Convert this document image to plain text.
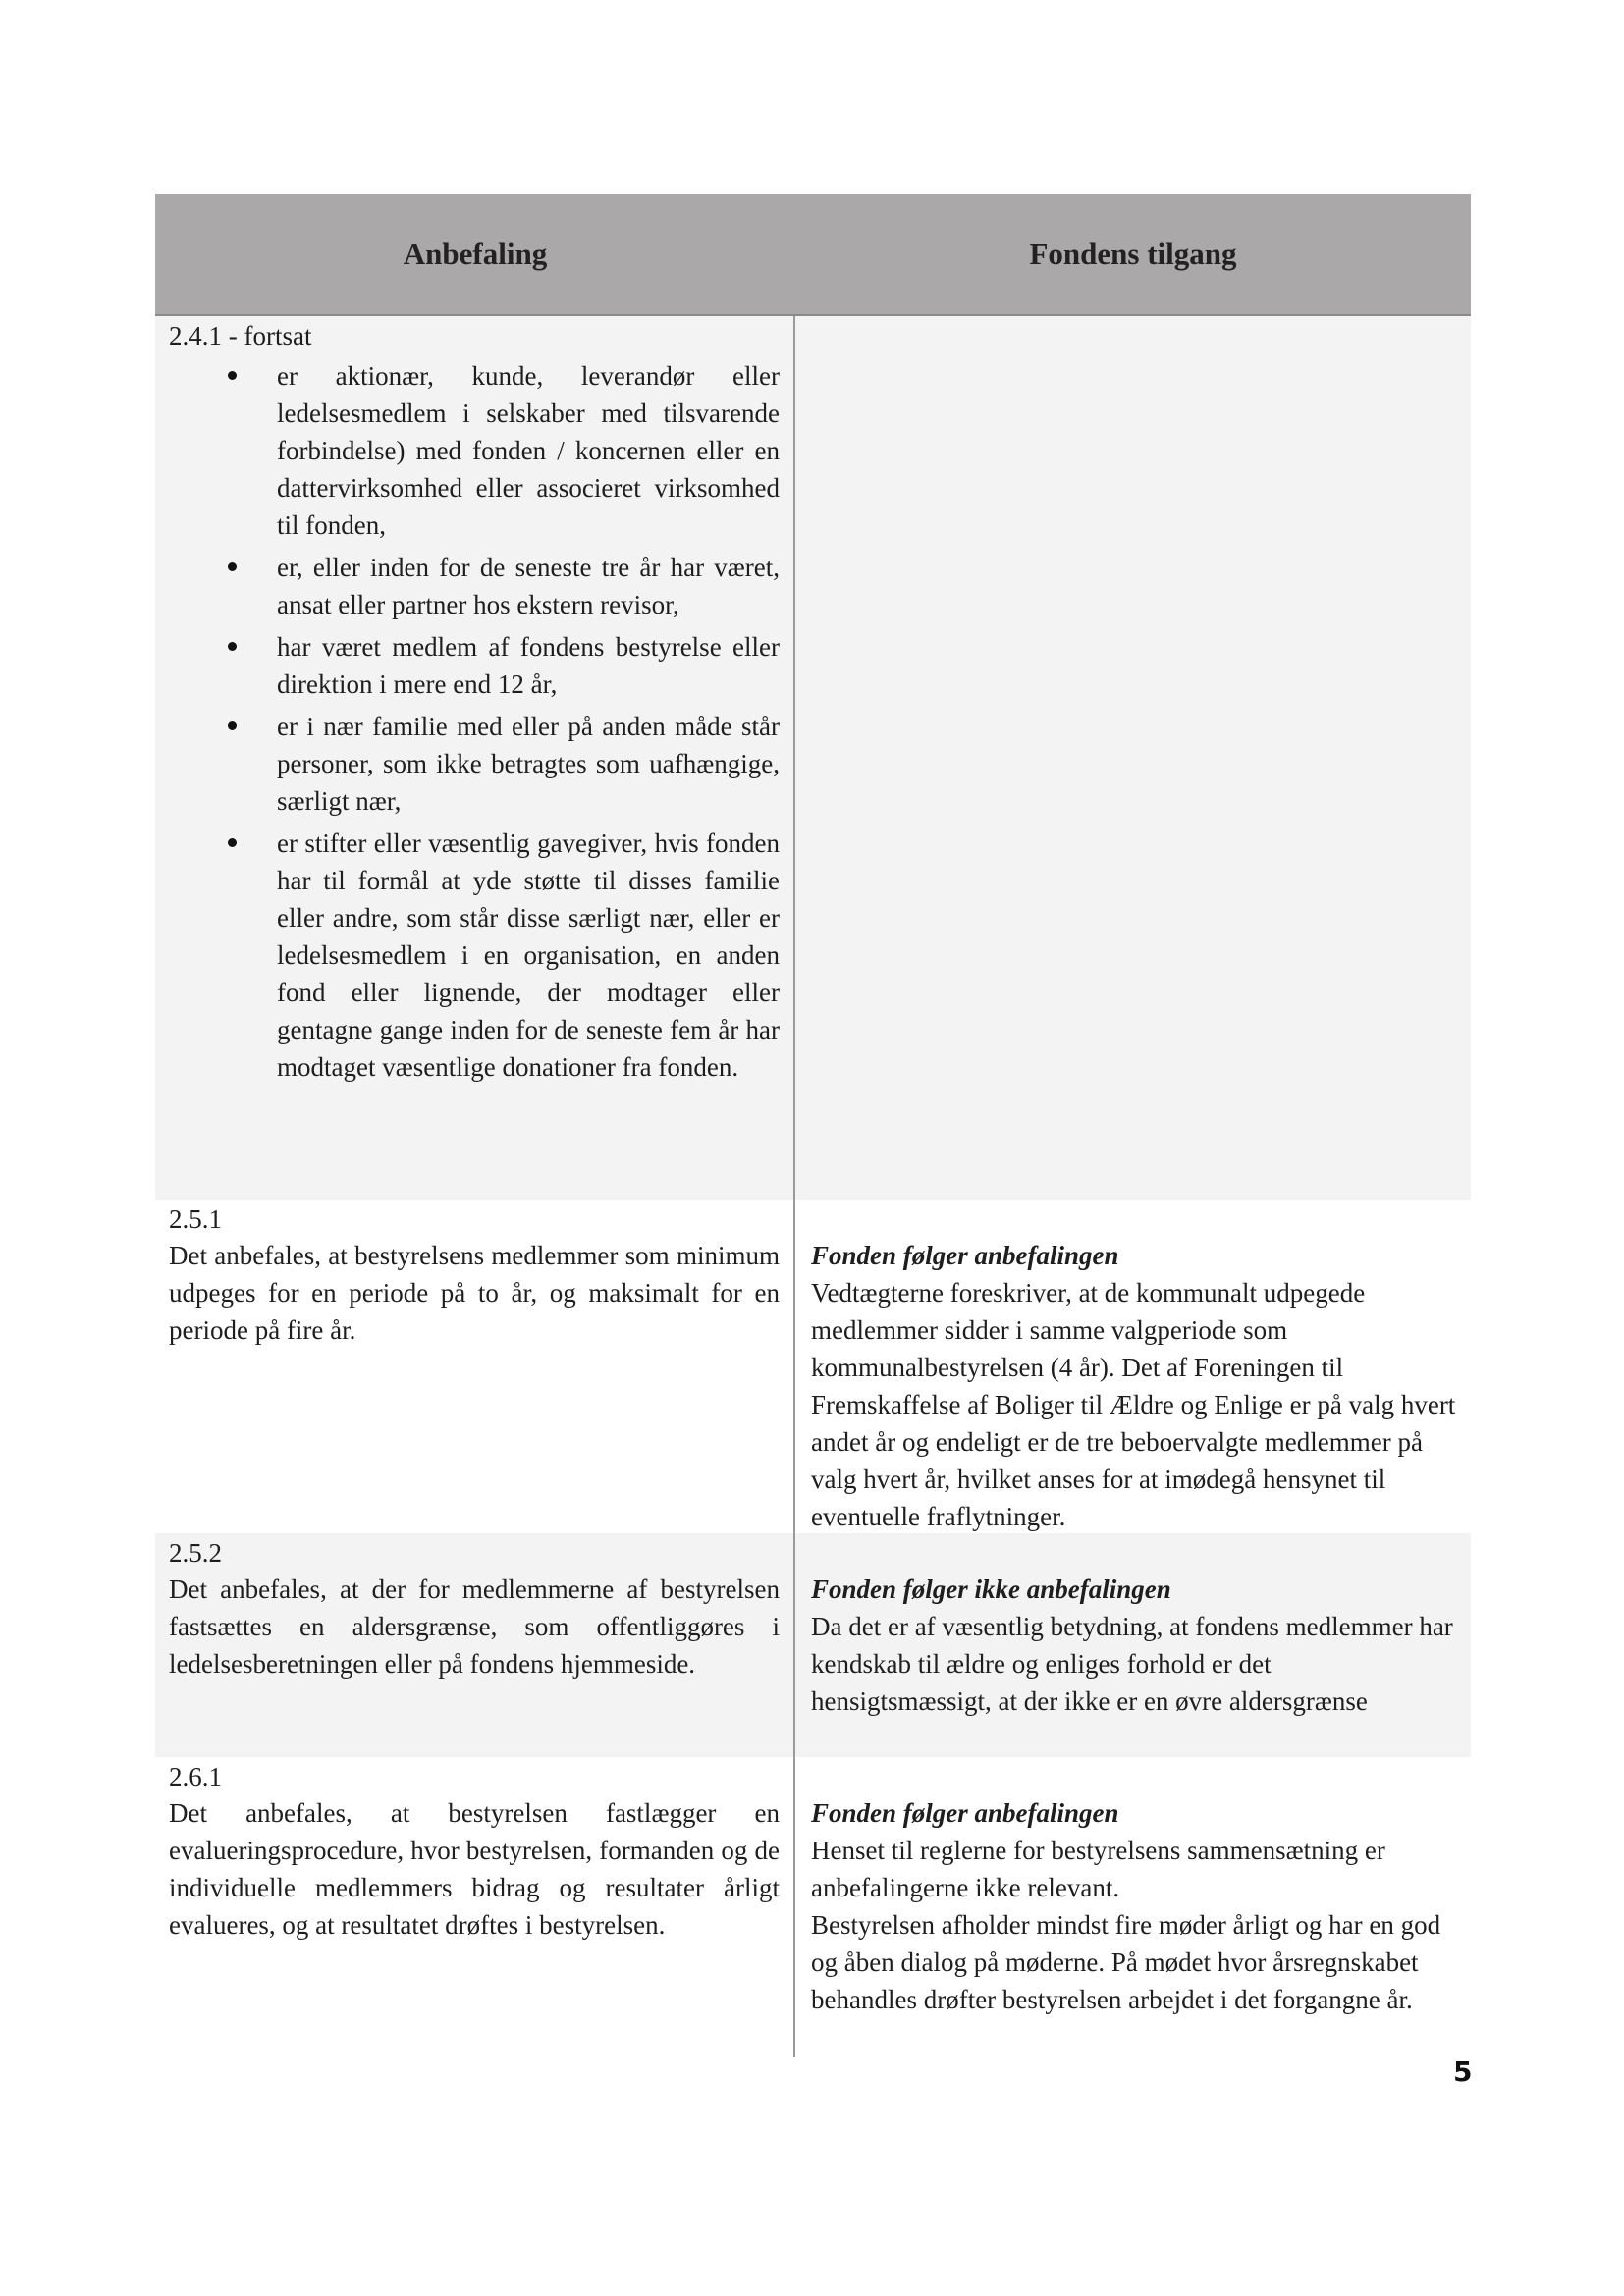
Anbefaling	Fondens tilgang
2.4.1 - fortsat
er aktionær, kunde, leverandør eller ledelsesmedlem i selskaber med tilsvarende forbindelse) med fonden / koncernen eller en dattervirksomhed eller associeret virksomhed til fonden,
er, eller inden for de seneste tre år har været, ansat eller partner hos ekstern revisor,
har været medlem af fondens bestyrelse eller direktion i mere end 12 år,
er i nær familie med eller på anden måde står personer, som ikke betragtes som uafhængige, særligt nær,
er stifter eller væsentlig gavegiver, hvis fonden har til formål at yde støtte til disses familie eller andre, som står disse særligt nær, eller er ledelsesmedlem i en organisation, en anden fond eller lignende, der modtager eller gentagne gange inden for de seneste fem år har modtaget væsentlige donationer fra fonden.
2.5.1
Det anbefales, at bestyrelsens medlemmer som minimum udpeges for en periode på to år, og maksimalt for en periode på fire år.
Fonden følger anbefalingen
Vedtægterne foreskriver, at de kommunalt udpegede medlemmer sidder i samme valgperiode som kommunalbestyrelsen (4 år). Det af Foreningen til Fremskaffelse af Boliger til Ældre og Enlige er på valg hvert andet år og endeligt er de tre beboervalgte medlemmer på valg hvert år, hvilket anses for at imødegå hensynet til eventuelle fraflytninger.
2.5.2
Det anbefales, at der for medlemmerne af bestyrelsen fastsættes en aldersgrænse, som offentliggøres i ledelsesberetningen eller på fondens hjemmeside.
Fonden følger ikke anbefalingen
Da det er af væsentlig betydning, at fondens medlemmer har kendskab til ældre og enliges forhold er det hensigtsmæssigt, at der ikke er en øvre aldersgrænse
2.6.1
Det anbefales, at bestyrelsen fastlægger en evalueringsprocedure, hvor bestyrelsen, formanden og de individuelle medlemmers bidrag og resultater årligt evalueres, og at resultatet drøftes i bestyrelsen.
Fonden følger anbefalingen
Henset til reglerne for bestyrelsens sammensætning er anbefalingerne ikke relevant.
Bestyrelsen afholder mindst fire møder årligt og har en god og åben dialog på møderne. På mødet hvor årsregnskabet behandles drøfter bestyrelsen arbejdet i det forgangne år.
5
